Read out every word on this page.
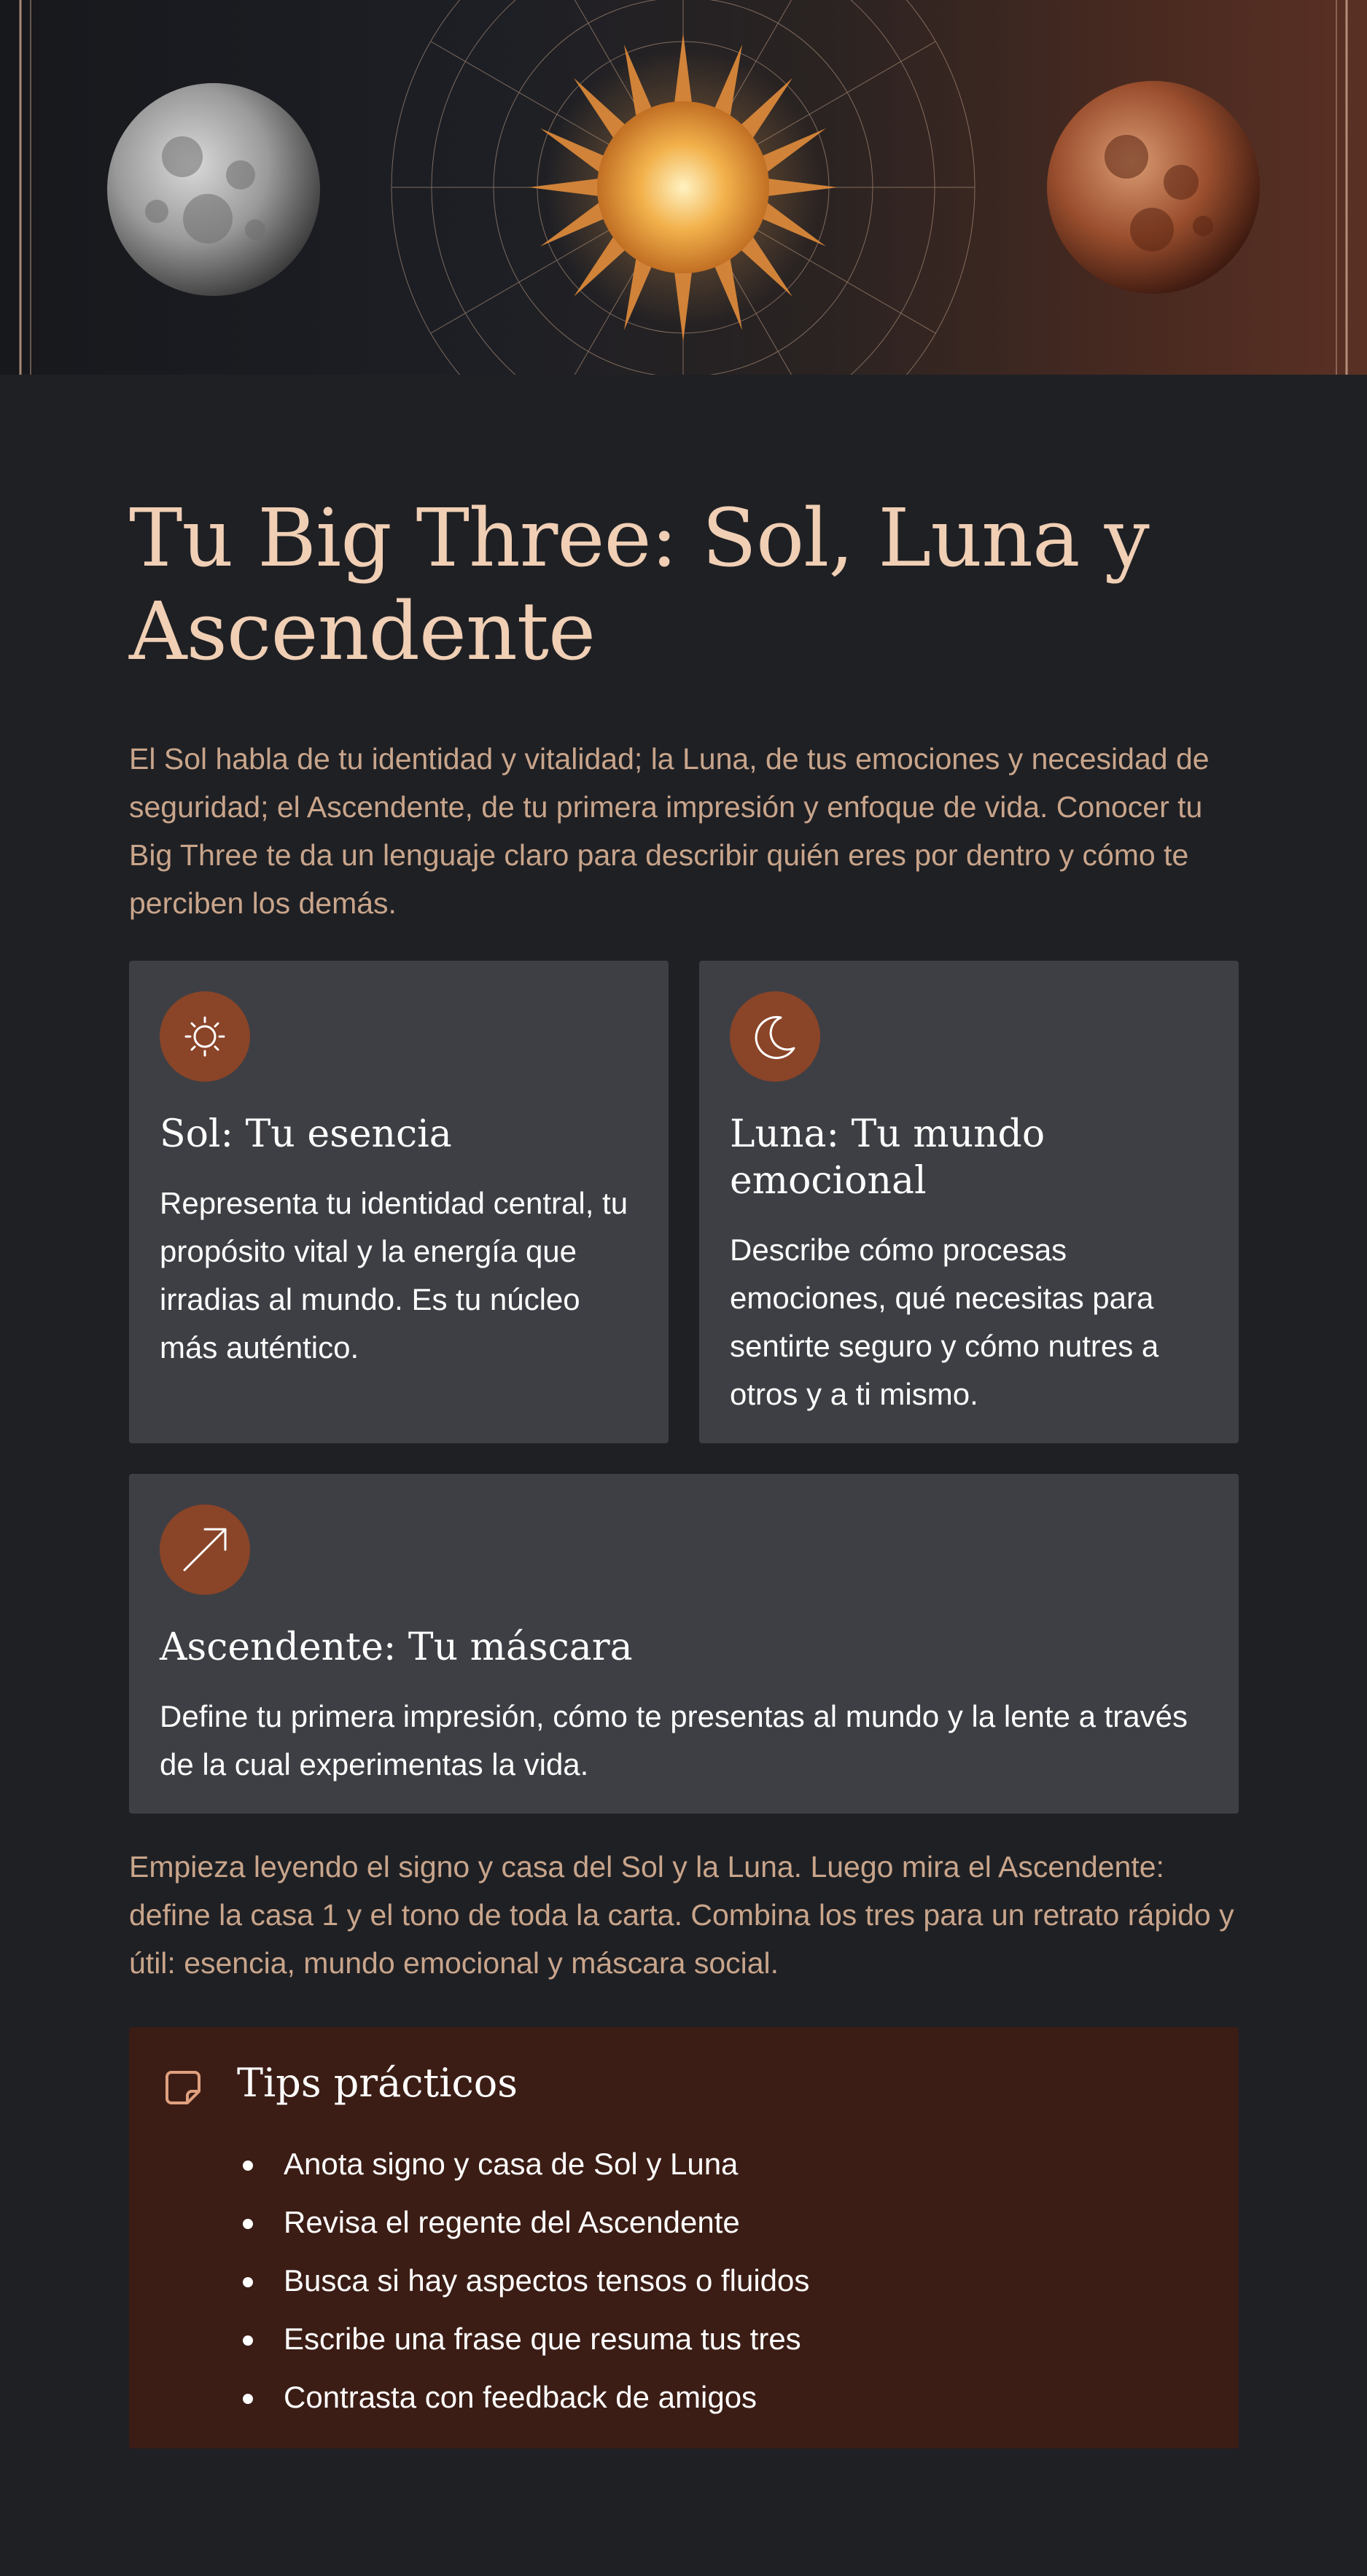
Tu Big Three: Sol, Luna y Ascendente
El Sol habla de tu identidad y vitalidad; la Luna, de tus emociones y necesidad de seguridad; el Ascendente, de tu primera impresión y enfoque de vida. Conocer tu Big Three te da un lenguaje claro para describir quién eres por dentro y cómo te perciben los demás.
Sol: Tu esencia

Representa tu identidad central, tu propósito vital y la energía que irradias al mundo. Es tu núcleo más auténtico.

Luna: Tu mundo emocional

Describe cómo procesas emociones, qué necesitas para sentirte seguro y cómo nutres a otros y a ti mismo.

Ascendente: Tu máscara

Define tu primera impresión, cómo te presentas al mundo y la lente a través de la cual experimentas la vida.

Empieza leyendo el signo y casa del Sol y la Luna. Luego mira el Ascendente: define la casa 1 y el tono de toda la carta. Combina los tres para un retrato rápido y útil: esencia, mundo emocional y máscara social.
Tips prácticos
Anota signo y casa de Sol y Luna
Revisa el regente del Ascendente
Busca si hay aspectos tensos o fluidos
Escribe una frase que resuma tus tres
Contrasta con feedback de amigos
